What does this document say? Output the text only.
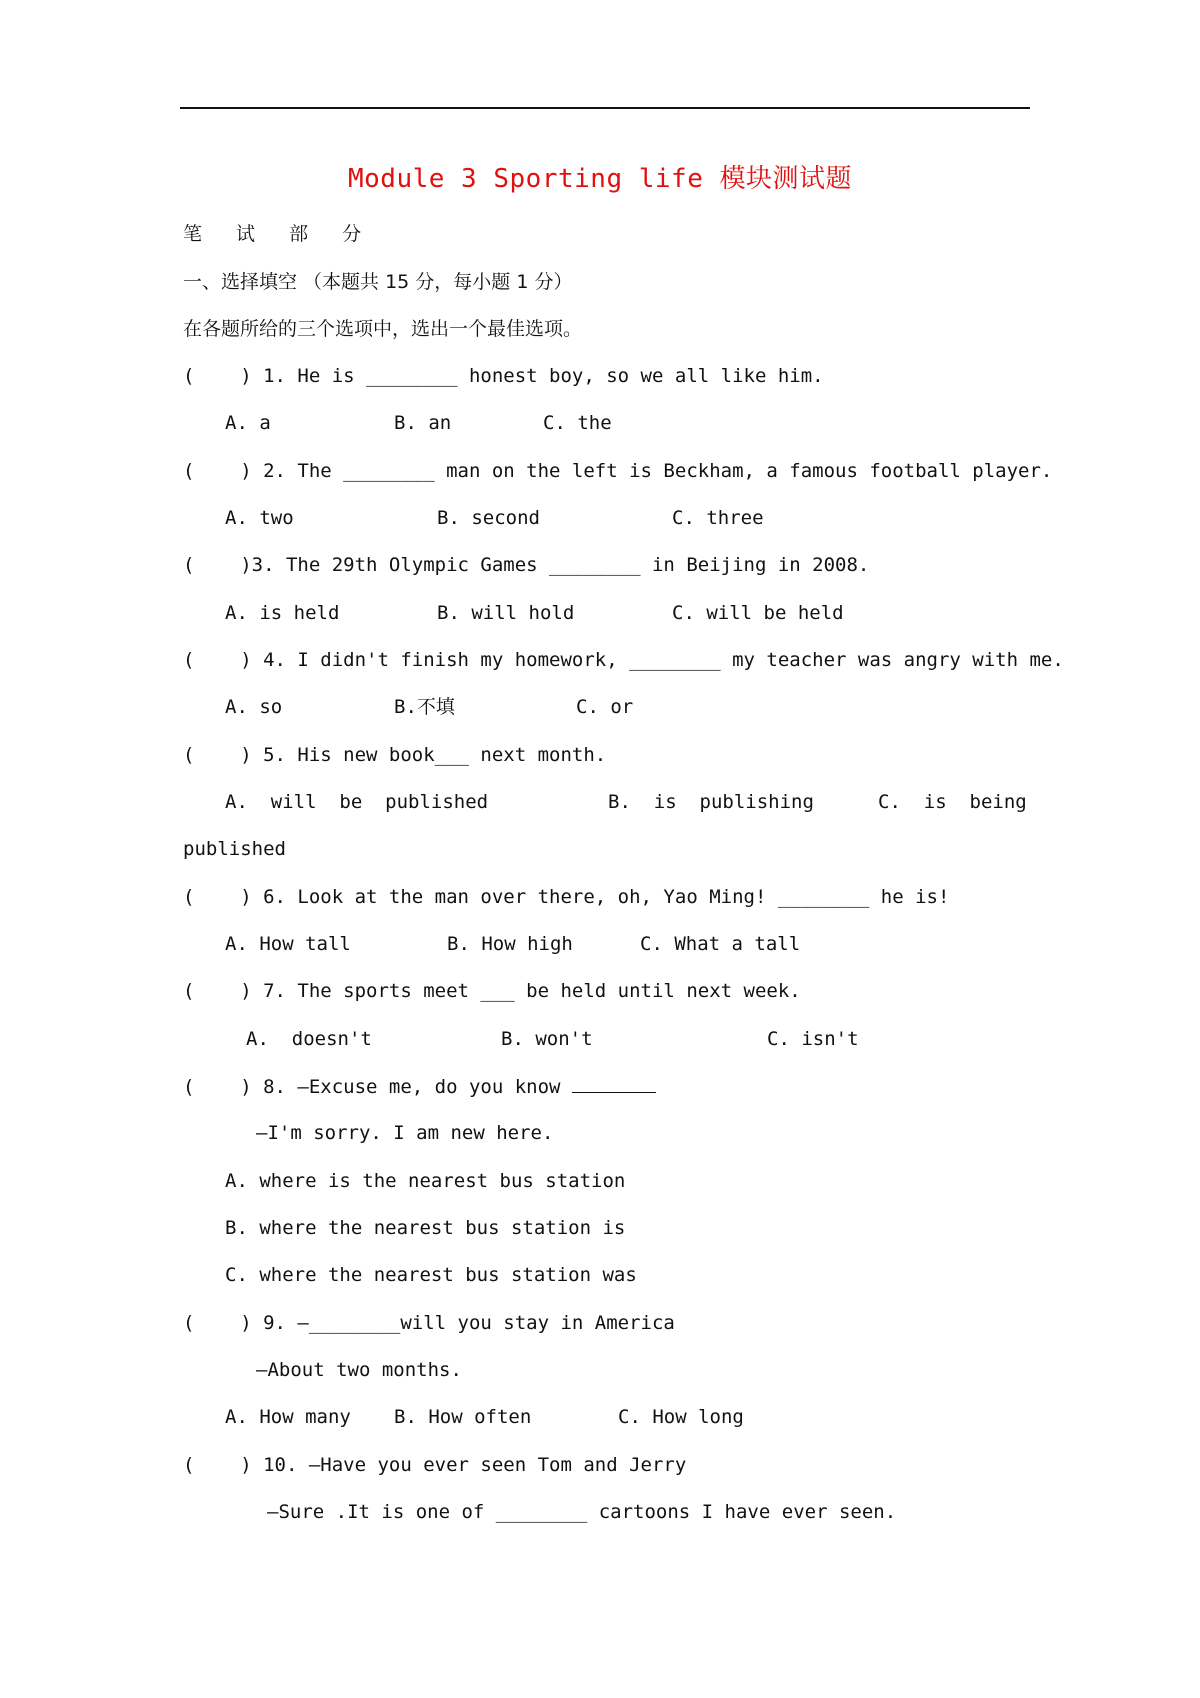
Module 3 Sporting life 模块测试题
笔 试 部 分
一、选择填空 （本题共 15 分，每小题 1 分）
在各题所给的三个选项中，选出一个最佳选项。
(    ) 1. He is ________ honest boy, so we all like him.
A. a	B. an	C. the
(    ) 2. The ________ man on the left is Beckham, a famous football player.
A. two	B. second	C. three
(    )3. The 29th Olympic Games ________ in Beijing in 2008.
A. is held	B. will hold	C. will be held
(    ) 4. I didn't finish my homework, ________ my teacher was angry with me.
A. so	B.不填	C. or
(    ) 5. His new book___ next month.
A.  will  be  published	B.  is  publishing	C.  is  being
published
(    ) 6. Look at the man over there, oh, Yao Ming! ________ he is!
A. How tall	B. How high	C. What a tall
(    ) 7. The sports meet ___ be held until next week.
A.  doesn't	B. won't	C. isn't
(    ) 8. —Excuse me, do you know
—I'm sorry. I am new here.
A. where is the nearest bus station
B. where the nearest bus station is
C. where the nearest bus station was
(    ) 9. —________will you stay in America
—About two months.
A. How many B. How often	C. How long
(    ) 10. —Have you ever seen Tom and Jerry
—Sure .It is one of ________ cartoons I have ever seen.
